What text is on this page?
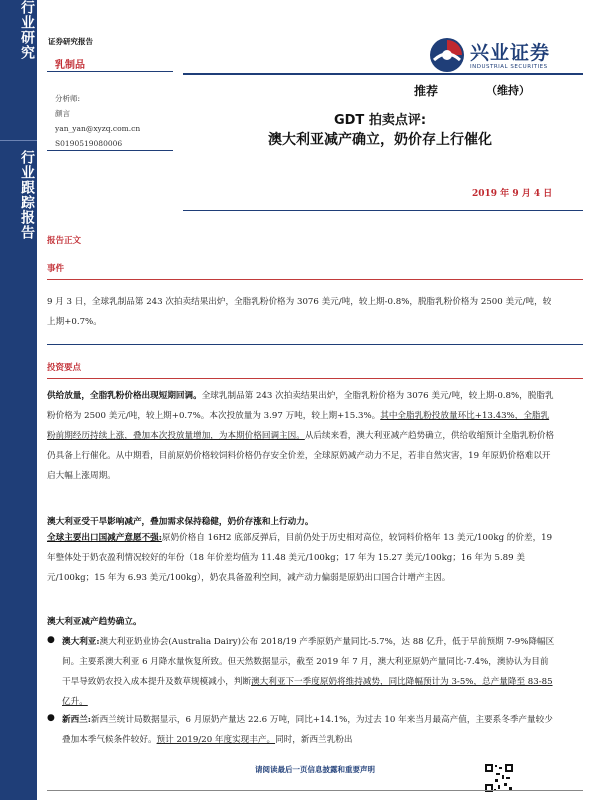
行业研究
行业跟踪报告
证券研究报告
乳制品
兴业证券
INDUSTRIAL SECURITIES
推荐	（维持）
分析师:
颜言
yan_yan@xyzq.com.cn
S0190519080006
GDT 拍卖点评:
澳大利亚减产确立，奶价存上行催化
2019 年 9 月 4 日
报告正文
事件
9 月 3 日，全球乳制品第 243 次拍卖结果出炉，全脂乳粉价格为 3076 美元/吨，较上期-0.8%，脱脂乳粉价格为 2500 美元/吨，较上期+0.7%。
投资要点
供给放量，全脂乳粉价格出现短期回调。全球乳制品第 243 次拍卖结果出炉，全脂乳粉价格为 3076 美元/吨，较上期-0.8%，脱脂乳粉价格为 2500 美元/吨，较上期+0.7%。本次投放量为 3.97 万吨，较上期+15.3%。其中全脂乳粉投放量环比+13.43%，全脂乳粉前期经历持续上涨，叠加本次投放量增加，为本期价格回调主因。从后续来看，澳大利亚减产趋势确立，供给收缩预计全脂乳粉价格仍具备上行催化。从中期看，目前原奶价格较饲料价格仍存安全价差，全球原奶减产动力不足，若非自然灾害，19 年原奶价格难以开启大幅上涨周期。
澳大利亚受干旱影响减产，叠加需求保持稳健，奶价存涨和上行动力。
全球主要出口国减产意愿不强:原奶价格自 16H2 底部反弹后，目前仍处于历史相对高位，较饲料价格年 13 美元/100kg 的价差，19 年整体处于奶农盈利情况较好的年份（18 年价差均值为 11.48 美元/100kg；17 年为 15.27 美元/100kg；16 年为 5.89 美元/100kg；15 年为 6.93 美元/100kg），奶农具备盈利空间，减产动力偏弱是原奶出口国合计增产主因。
澳大利亚减产趋势确立。
● 澳大利亚:澳大利亚奶业协会(Australia Dairy)公布 2018/19 产季原奶产量同比-5.7%，达 88 亿升，低于早前预期 7-9%降幅区间。主要系澳大利亚 6 月降水量恢复所致。但天然数据显示，截至 2019 年 7 月，澳大利亚原奶产量同比-7.4%，澳协认为目前干旱导致奶农投入成本提升及数草规模减小，判断澳大利亚下一季度原奶将维持减势，同比降幅预计为 3-5%，总产量降至 83-85 亿升。
● 新西兰:新西兰统计局数据显示，6 月原奶产量达 22.6 万吨，同比+14.1%，为过去 10 年来当月最高产值，主要系冬季产量较少叠加本季气候条件较好。预计 2019/20 年度实现丰产。同时，新西兰乳粉出
请阅读最后一页信息披露和重要声明
